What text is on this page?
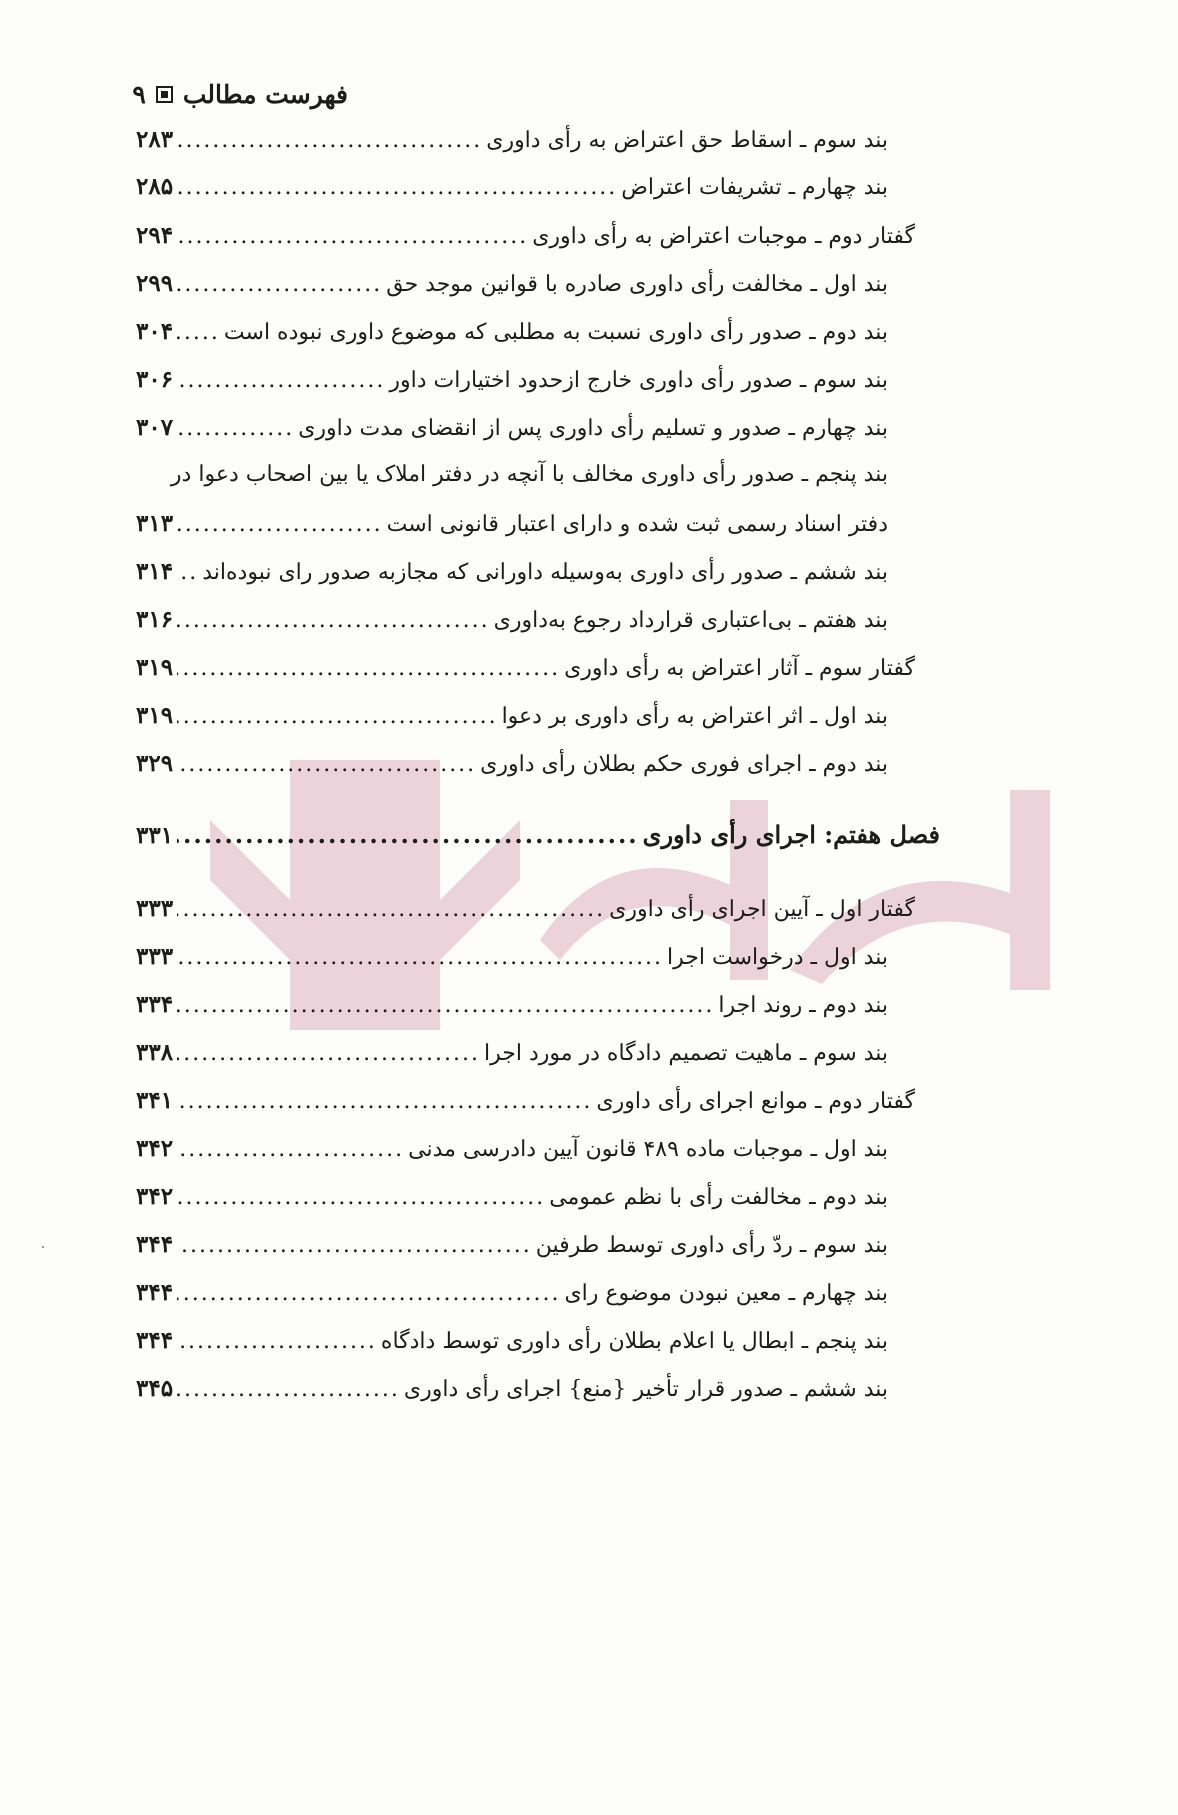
فهرست مطالب
۹
بند سوم ـ اسقاط حق اعتراض به رأی داوری
.....
۲۸۳
بند چهارم ـ تشریفات اعتراض
.....
۲۸۵
گفتار دوم ـ موجبات اعتراض به رأی داوری
.....
۲۹۴
بند اول ـ مخالفت رأی داوری صادره با قوانین موجد حق
.....
۲۹۹
بند دوم ـ صدور رأی داوری نسبت به مطلبی که موضوع داوری نبوده است
.....
۳۰۴
بند سوم ـ صدور رأی داوری خارج ازحدود اختیارات داور
.....
۳۰۶
بند چهارم ـ صدور و تسلیم رأی داوری پس از انقضای مدت داوری
.....
۳۰۷
بند پنجم ـ صدور رأی داوری مخالف با آنچه در دفتر املاک یا بین اصحاب دعوا در
دفتر اسناد رسمی ثبت شده و دارای اعتبار قانونی است
.....
۳۱۳
بند ششم ـ صدور رأی داوری به‌وسیله داورانی که مجازبه صدور رای نبوده‌اند
.....
۳۱۴
بند هفتم ـ بی‌اعتباری قرارداد رجوع به‌داوری
.....
۳۱۶
گفتار سوم ـ آثار اعتراض به رأی داوری
.....
۳۱۹
بند اول ـ اثر اعتراض به رأی داوری بر دعوا
.....
۳۱۹
بند دوم ـ اجرای فوری حکم بطلان رأی داوری
.....
۳۲۹
فصل هفتم: اجرای رأی داوری
.....
۳۳۱
گفتار اول ـ آیین اجرای رأی داوری
.....
۳۳۳
بند اول ـ درخواست اجرا
.....
۳۳۳
بند دوم ـ روند اجرا
.....
۳۳۴
بند سوم ـ ماهیت تصمیم دادگاه در مورد اجرا
.....
۳۳۸
گفتار دوم ـ موانع اجرای رأی داوری
.....
۳۴۱
بند اول ـ موجبات ماده ۴۸۹ قانون آیین دادرسی مدنی
.....
۳۴۲
بند دوم ـ مخالفت رأی با نظم عمومی
.....
۳۴۲
بند سوم ـ ردّ رأی داوری توسط طرفین
.....
۳۴۴
بند چهارم ـ معین نبودن موضوع رای
.....
۳۴۴
بند پنجم ـ ابطال یا اعلام بطلان رأی داوری توسط دادگاه
.....
۳۴۴
بند ششم ـ صدور قرار تأخیر {منع} اجرای رأی داوری
.....
۳۴۵
